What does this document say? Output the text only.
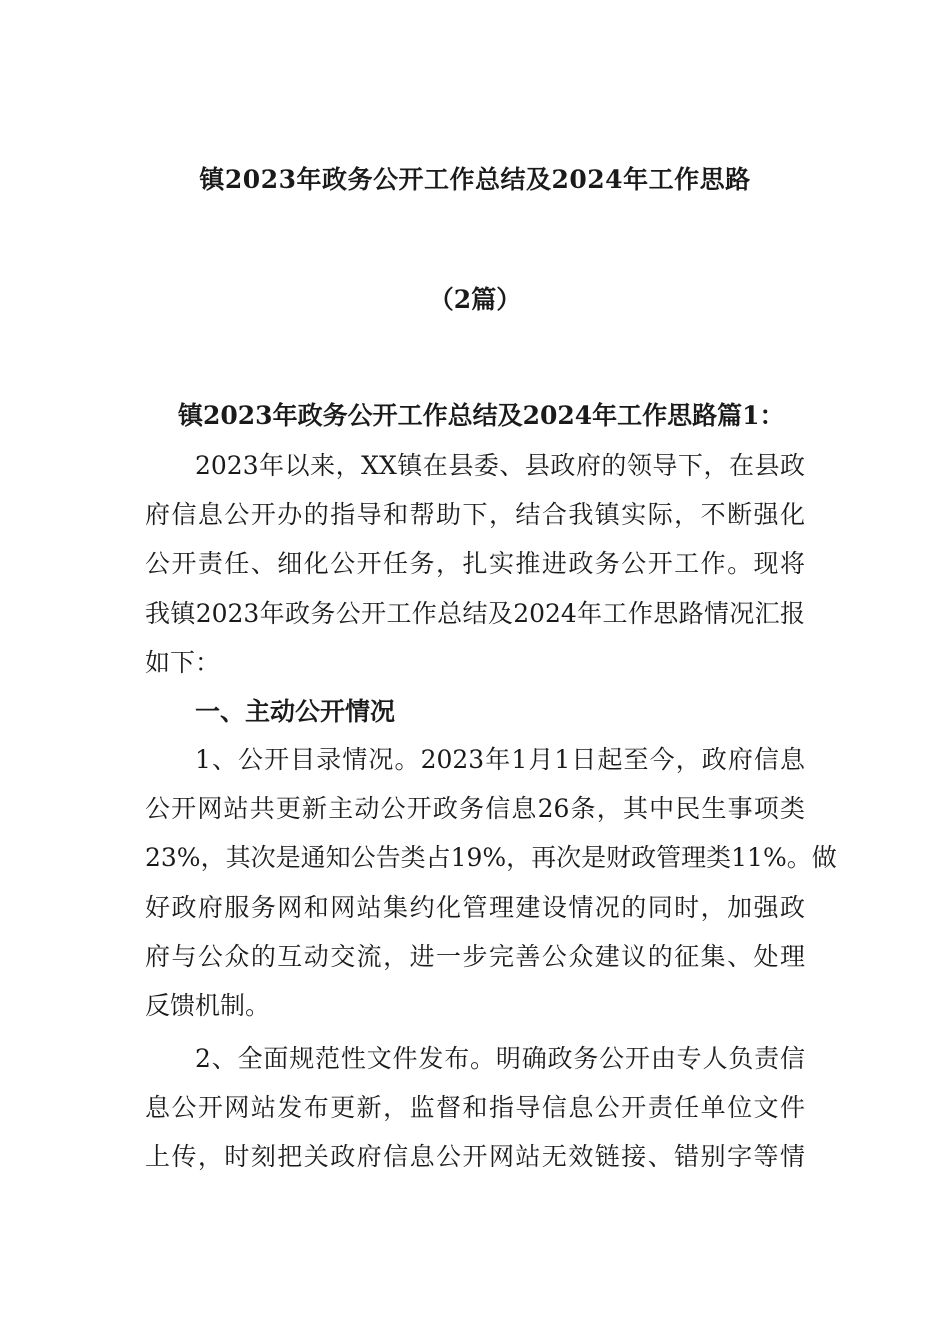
镇2023年政务公开工作总结及2024年工作思路
（2篇）
镇2023年政务公开工作总结及2024年工作思路篇1：
2023年以来，XX镇在县委、县政府的领导下，在县政
府信息公开办的指导和帮助下，结合我镇实际，不断强化
公开责任、细化公开任务，扎实推进政务公开工作。现将
我镇2023年政务公开工作总结及2024年工作思路情况汇报
如下：
一、主动公开情况
1、公开目录情况。2023年1月1日起至今，政府信息
公开网站共更新主动公开政务信息26条，其中民生事项类
23%，其次是通知公告类占19%，再次是财政管理类11%。做
好政府服务网和网站集约化管理建设情况的同时，加强政
府与公众的互动交流，进一步完善公众建议的征集、处理
反馈机制。
2、全面规范性文件发布。明确政务公开由专人负责信
息公开网站发布更新，监督和指导信息公开责任单位文件
上传，时刻把关政府信息公开网站无效链接、错别字等情
